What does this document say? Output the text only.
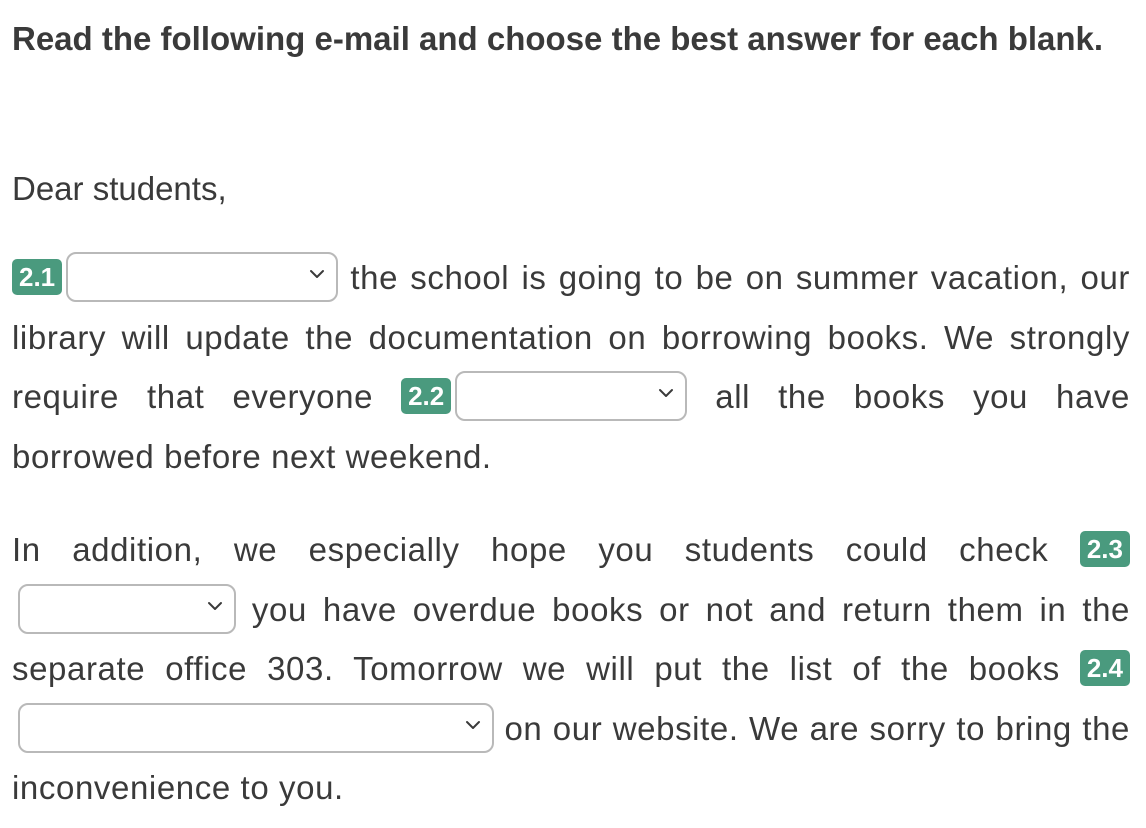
Read the following e-mail and choose the best answer for each blank.
Dear students,
2.1	the school is going to be on summer vacation, our library will update the documentation on borrowing books. We strongly require that everyone 2.2	all the books you have borrowed before next weekend.
In addition, we especially hope you students could check 2.3
you have overdue books or not and return them in the separate office 303. Tomorrow we will put the list of the books 2.4
on our website. We are sorry to bring the inconvenience to you.
